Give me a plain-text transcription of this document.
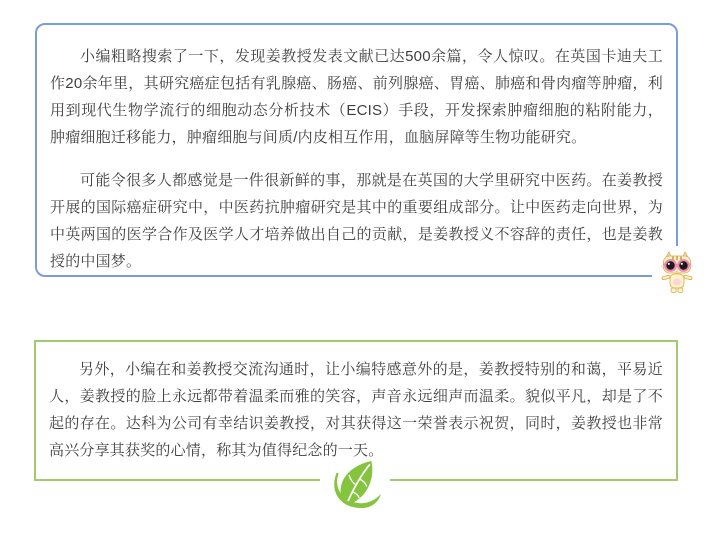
小编粗略搜索了一下，发现姜教授发表文献已达500余篇，令人惊叹。在英国卡迪夫工作20余年里，其研究癌症包括有乳腺癌、肠癌、前列腺癌、胃癌、肺癌和骨肉瘤等肿瘤，利用到现代生物学流行的细胞动态分析技术（ECIS）手段，开发探索肿瘤细胞的粘附能力，肿瘤细胞迁移能力，肿瘤细胞与间质/内皮相互作用，血脑屏障等生物功能研究。

可能令很多人都感觉是一件很新鲜的事，那就是在英国的大学里研究中医药。在姜教授开展的国际癌症研究中，中医药抗肿瘤研究是其中的重要组成部分。让中医药走向世界，为中英两国的医学合作及医学人才培养做出自己的贡献，是姜教授义不容辞的责任，也是姜教授的中国梦。

另外，小编在和姜教授交流沟通时，让小编特感意外的是，姜教授特别的和蔼，平易近人，姜教授的脸上永远都带着温柔而雅的笑容，声音永远细声而温柔。貌似平凡，却是了不起的存在。达科为公司有幸结识姜教授，对其获得这一荣誉表示祝贺，同时，姜教授也非常高兴分享其获奖的心情，称其为值得纪念的一天。
